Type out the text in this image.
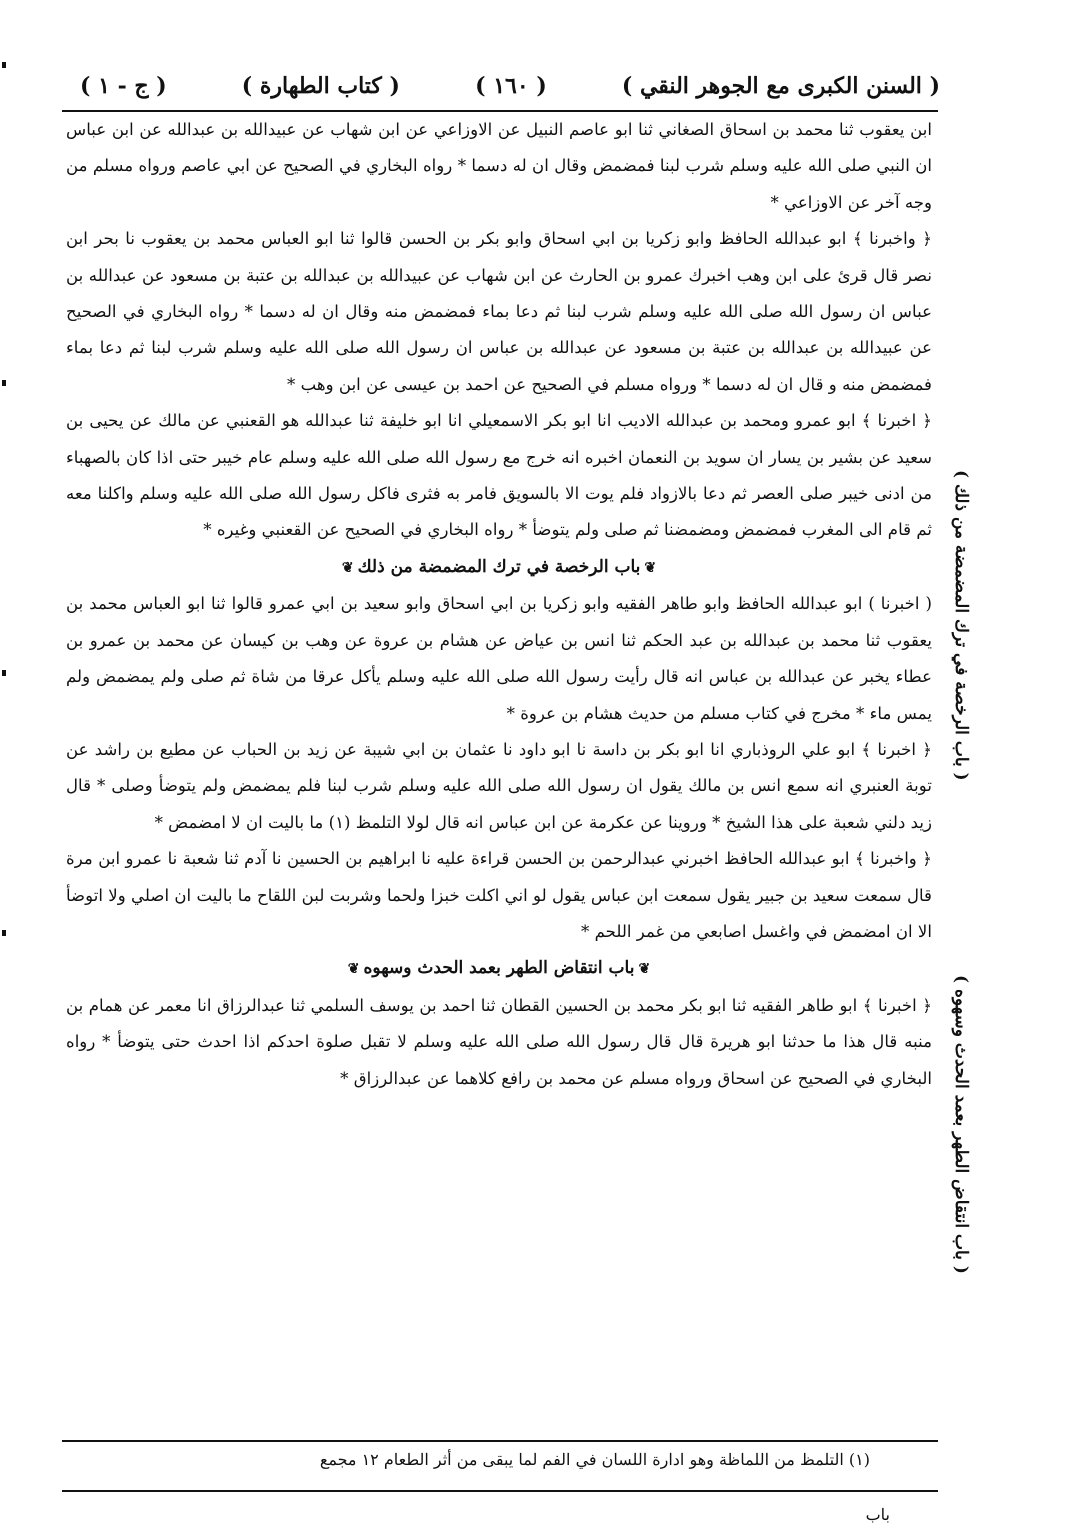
( السنن الكبرى مع الجوهر النقي )
( ١٦٠ )
( كتاب الطهارة )
( ج - ١ )

ابن يعقوب ثنا محمد بن اسحاق الصغاني ثنا ابو عاصم النبيل عن الاوزاعي عن ابن شهاب عن عبيدالله بن عبدالله عن ابن عباس ان النبي صلى الله عليه وسلم شرب لبنا فمضمض وقال ان له دسما * رواه البخاري في الصحيح عن ابي عاصم ورواه مسلم من وجه آخر عن الاوزاعي *

﴿ واخبرنا ﴾ ابو عبدالله الحافظ وابو زكريا بن ابي اسحاق وابو بكر بن الحسن قالوا ثنا ابو العباس محمد بن يعقوب نا بحر ابن نصر قال قرئ على ابن وهب اخبرك عمرو بن الحارث عن ابن شهاب عن عبيدالله بن عبدالله بن عتبة بن مسعود عن عبدالله بن عباس ان رسول الله صلى الله عليه وسلم شرب لبنا ثم دعا بماء فمضمض منه وقال ان له دسما * رواه البخاري في الصحيح عن عبيدالله بن عبدالله بن عتبة بن مسعود عن عبدالله بن عباس ان رسول الله صلى الله عليه وسلم شرب لبنا ثم دعا بماء فمضمض منه و قال ان له دسما * ورواه مسلم في الصحيح عن احمد بن عيسى عن ابن وهب *

﴿ اخبرنا ﴾ ابو عمرو ومحمد بن عبدالله الاديب انا ابو بكر الاسمعيلي انا ابو خليفة ثنا عبدالله هو القعنبي عن مالك عن يحيى بن سعيد عن بشير بن يسار ان سويد بن النعمان اخبره انه خرج مع رسول الله صلى الله عليه وسلم عام خيبر حتى اذا كان بالصهباء من ادنى خيبر صلى العصر ثم دعا بالازواد فلم يوت الا بالسويق فامر به فثرى فاكل رسول الله صلى الله عليه وسلم واكلنا معه ثم قام الى المغرب فمضمض ومضمضنا ثم صلى ولم يتوضأ * رواه البخاري في الصحيح عن القعنبي وغيره *

❦باب الرخصة في ترك المضمضة من ذلك❦

( اخبرنا ) ابو عبدالله الحافظ وابو طاهر الفقيه وابو زكريا بن ابي اسحاق وابو سعيد بن ابي عمرو قالوا ثنا ابو العباس محمد بن يعقوب ثنا محمد بن عبدالله بن عبد الحكم ثنا انس بن عياض عن هشام بن عروة عن وهب بن كيسان عن محمد بن عمرو بن عطاء يخبر عن عبدالله بن عباس انه قال رأيت رسول الله صلى الله عليه وسلم يأكل عرقا من شاة ثم صلى ولم يمضمض ولم يمس ماء * مخرج في كتاب مسلم من حديث هشام بن عروة *

﴿ اخبرنا ﴾ ابو علي الروذباري انا ابو بكر بن داسة نا ابو داود نا عثمان بن ابي شيبة عن زيد بن الحباب عن مطيع بن راشد عن توبة العنبري انه سمع انس بن مالك يقول ان رسول الله صلى الله عليه وسلم شرب لبنا فلم يمضمض ولم يتوضأ وصلى * قال زيد دلني شعبة على هذا الشيخ * وروينا عن عكرمة عن ابن عباس انه قال لولا التلمظ (١) ما باليت ان لا امضمض *

﴿ واخبرنا ﴾ ابو عبدالله الحافظ اخبرني عبدالرحمن بن الحسن قراءة عليه نا ابراهيم بن الحسين نا آدم ثنا شعبة نا عمرو ابن مرة قال سمعت سعيد بن جبير يقول سمعت ابن عباس يقول لو اني اكلت خبزا ولحما وشربت لبن اللقاح ما باليت ان اصلي ولا اتوضأ الا ان امضمض في واغسل اصابعي من غمر اللحم *

❦باب انتقاض الطهر بعمد الحدث وسهوه❦

﴿ اخبرنا ﴾ ابو طاهر الفقيه ثنا ابو بكر محمد بن الحسين القطان ثنا احمد بن يوسف السلمي ثنا عبدالرزاق انا معمر عن همام بن منبه قال هذا ما حدثنا ابو هريرة قال قال رسول الله صلى الله عليه وسلم لا تقبل صلوة احدكم اذا احدث حتى يتوضأ * رواه البخاري في الصحيح عن اسحاق ورواه مسلم عن محمد بن رافع كلاهما عن عبدالرزاق *

( باب الرخصة في ترك المضمضة من ذلك )
( باب انتقاض الطهر بعمد الحدث وسهوه )
(١) التلمظ من اللماظة وهو ادارة اللسان في الفم لما يبقى من أثر الطعام ١٢ مجمع
باب
